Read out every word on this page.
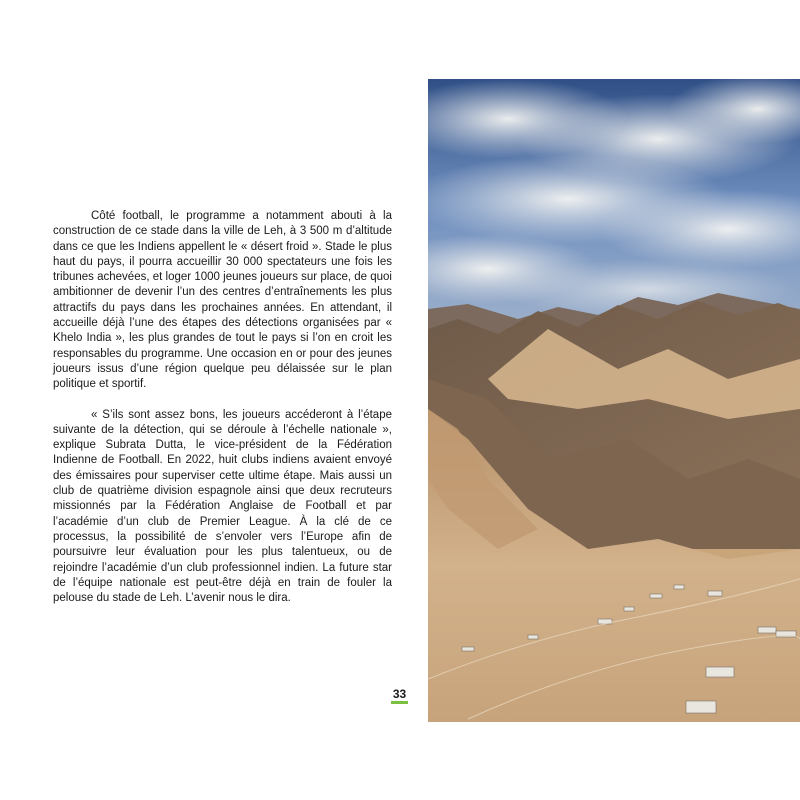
Côté football, le programme a notamment abouti à la construction de ce stade dans la ville de Leh, à 3 500 m d’altitude dans ce que les Indiens appellent le « désert froid ». Stade le plus haut du pays, il pourra accueillir 30 000 spectateurs une fois les tribunes achevées, et loger 1000 jeunes joueurs sur place, de quoi ambitionner de devenir l’un des centres d’entraînements les plus attractifs du pays dans les prochaines années. En attendant, il accueille déjà l’une des étapes des détections organisées par « Khelo India », les plus grandes de tout le pays si l’on en croit les responsables du programme. Une occasion en or pour des jeunes joueurs issus d’une région quelque peu délaissée sur le plan politique et sportif.

« S’ils sont assez bons, les joueurs accéderont à l’étape suivante de la détection, qui se déroule à l’échelle nationale », explique Subrata Dutta, le vice-président de la Fédération Indienne de Football. En 2022, huit clubs indiens avaient envoyé des émissaires pour superviser cette ultime étape. Mais aussi un club de quatrième division espagnole ainsi que deux recruteurs missionnés par la Fédération Anglaise de Football et par l’académie d’un club de Premier League. À la clé de ce processus, la possibilité de s’envoler vers l’Europe afin de poursuivre leur évaluation pour les plus talentueux, ou de rejoindre l’académie d’un club professionnel indien. La future star de l’équipe nationale est peut-être déjà en train de fouler la pelouse du stade de Leh. L’avenir nous le dira.

33
